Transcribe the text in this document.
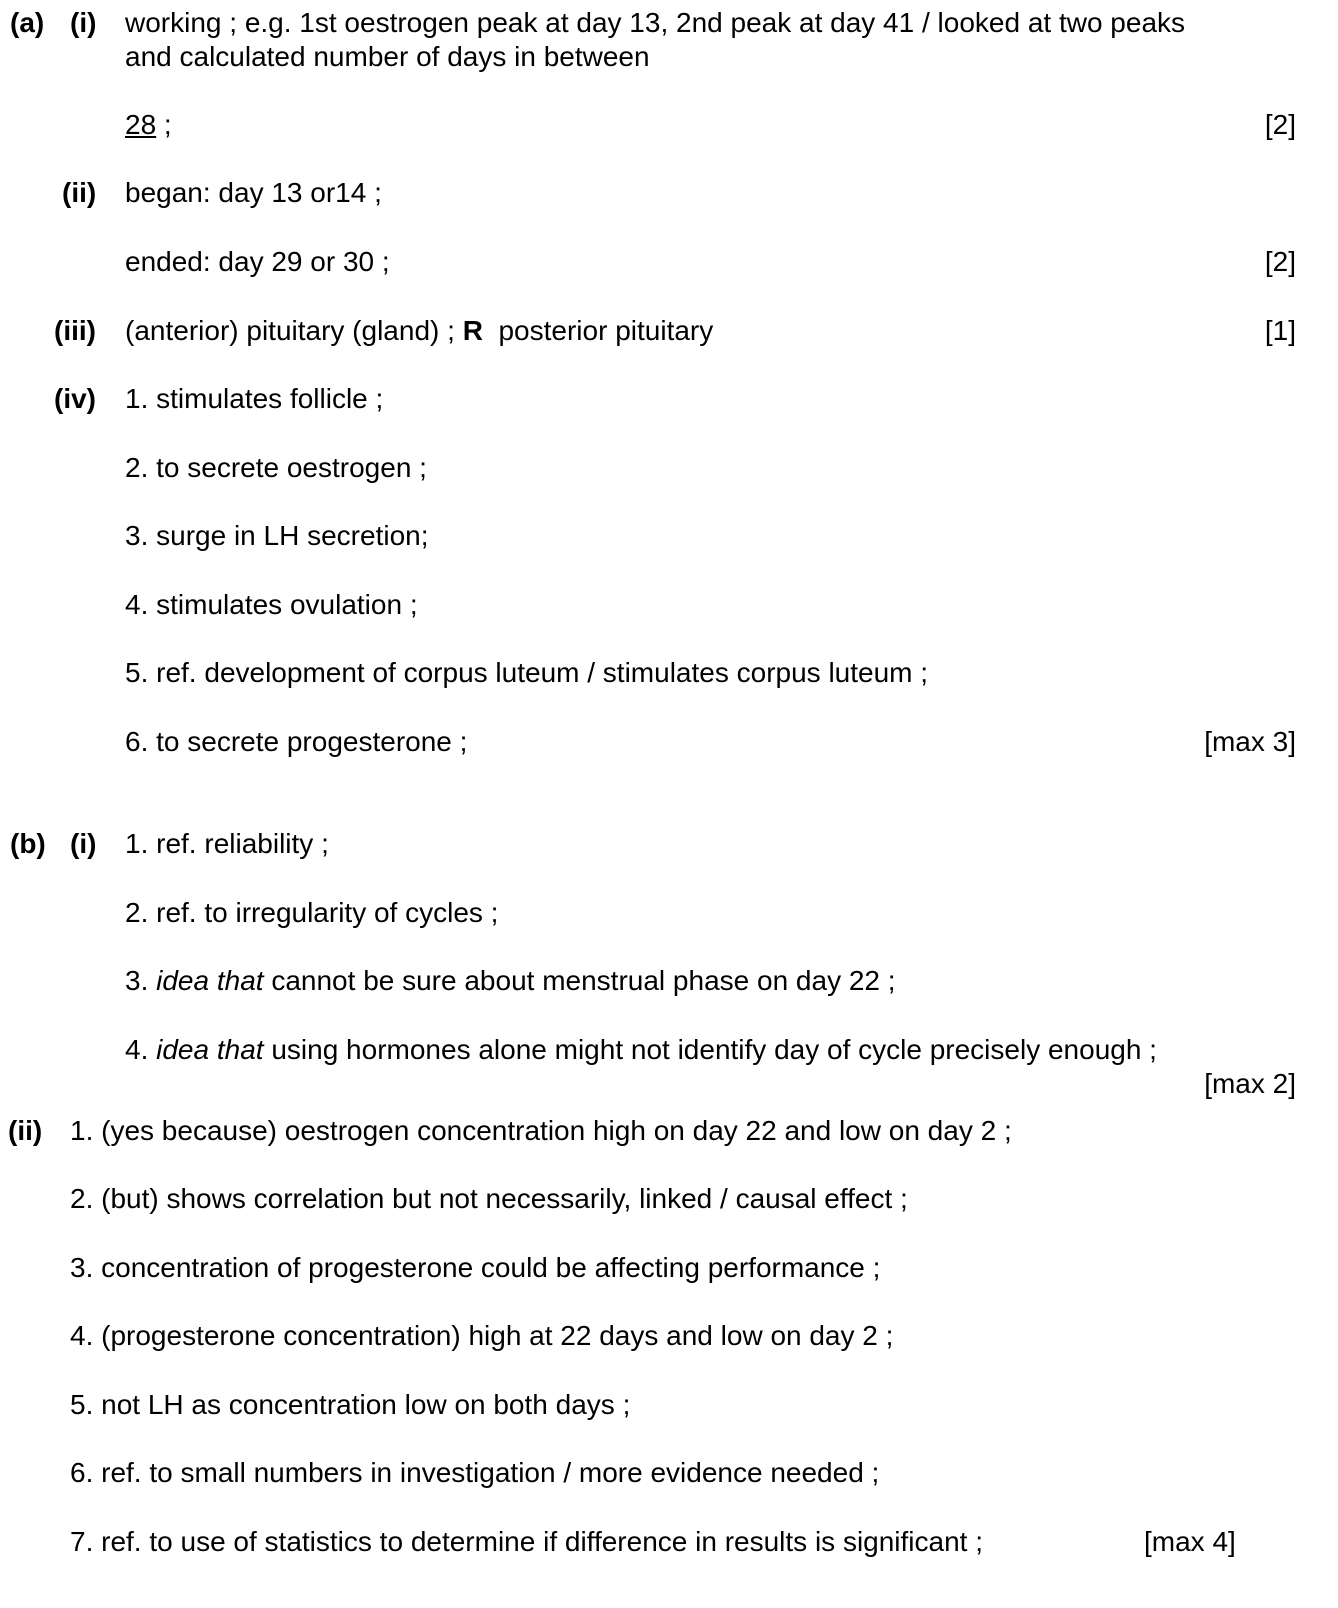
(a) (i) working ; e.g. 1st oestrogen peak at day 13, 2nd peak at day 41 / looked at two peaks
and calculated number of days in between
28 ;	[2]
(ii) began: day 13 or14 ;
ended: day 29 or 30 ;	[2]
(iii) (anterior) pituitary (gland) ; R  posterior pituitary	[1]
(iv) 1. stimulates follicle ;
2. to secrete oestrogen ;
3. surge in LH secretion;
4. stimulates ovulation ;
5. ref. development of corpus luteum / stimulates corpus luteum ;
6. to secrete progesterone ;	[max 3]
(b) (i) 1. ref. reliability ;
2. ref. to irregularity of cycles ;
3. idea that cannot be sure about menstrual phase on day 22 ;
4. idea that using hormones alone might not identify day of cycle precisely enough ;
[max 2]
(ii) 1. (yes because) oestrogen concentration high on day 22 and low on day 2 ;
2. (but) shows correlation but not necessarily, linked / causal effect ;
3. concentration of progesterone could be affecting performance ;
4. (progesterone concentration) high at 22 days and low on day 2 ;
5. not LH as concentration low on both days ;
6. ref. to small numbers in investigation / more evidence needed ;
7. ref. to use of statistics to determine if difference in results is significant ;	[max 4]
